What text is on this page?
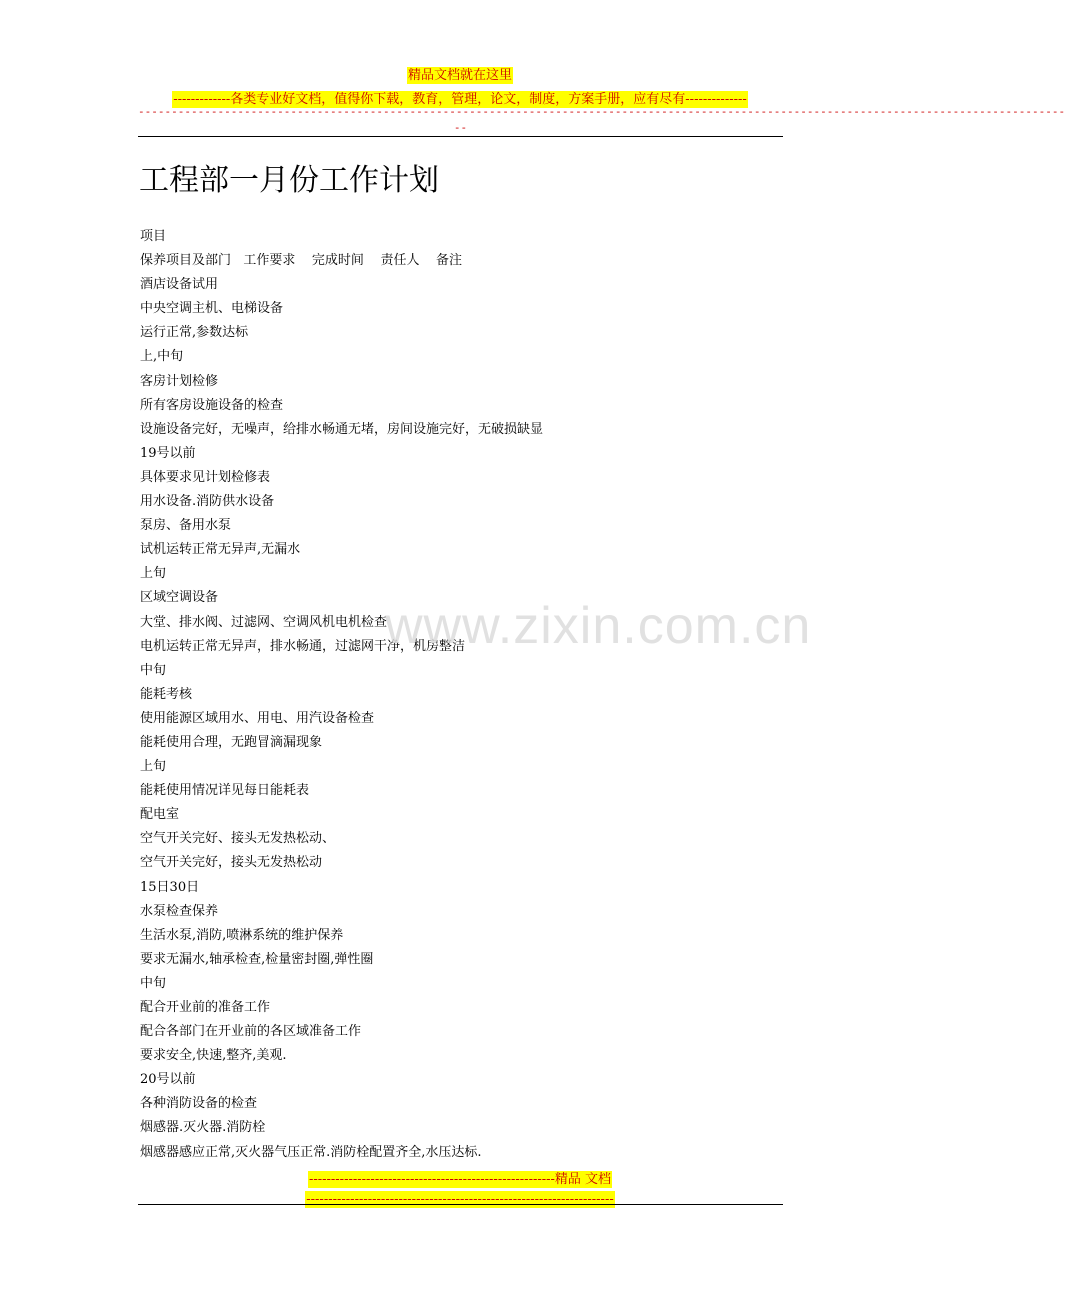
精品文档就在这里
-------------各类专业好文档，值得你下载，教育，管理，论文，制度，方案手册，应有尽有--------------
--------------------------------------------------------------------------------------------------------------------------------------------
--
工程部一月份工作计划
项目
保养项目及部门   工作要求    完成时间    责任人    备注
酒店设备试用
中央空调主机、电梯设备
运行正常,参数达标
上,中旬
客房计划检修
所有客房设施设备的检查
设施设备完好，无噪声，给排水畅通无堵，房间设施完好，无破损缺显
19号以前
具体要求见计划检修表
用水设备.消防供水设备
泵房、备用水泵
试机运转正常无异声,无漏水
上旬
区域空调设备
大堂、排水阀、过滤网、空调风机电机检查
电机运转正常无异声，排水畅通，过滤网干净，机房整洁
中旬
能耗考核
使用能源区域用水、用电、用汽设备检查
能耗使用合理，无跑冒滴漏现象
上旬
能耗使用情况详见每日能耗表
配电室
空气开关完好、接头无发热松动、
空气开关完好，接头无发热松动
15日30日
水泵检查保养
生活水泵,消防,喷淋系统的维护保养
要求无漏水,轴承检查,检量密封圈,弹性圈
中旬
配合开业前的准备工作
配合各部门在开业前的各区域准备工作
要求安全,快速,整齐,美观.
20号以前
各种消防设备的检查
烟感器.灭火器.消防栓
烟感器感应正常,灭火器气压正常.消防栓配置齐全,水压达标.
www.zixin.com.cn
--------------------------------------------------------精品 文档
----------------------------------------------------------------------
